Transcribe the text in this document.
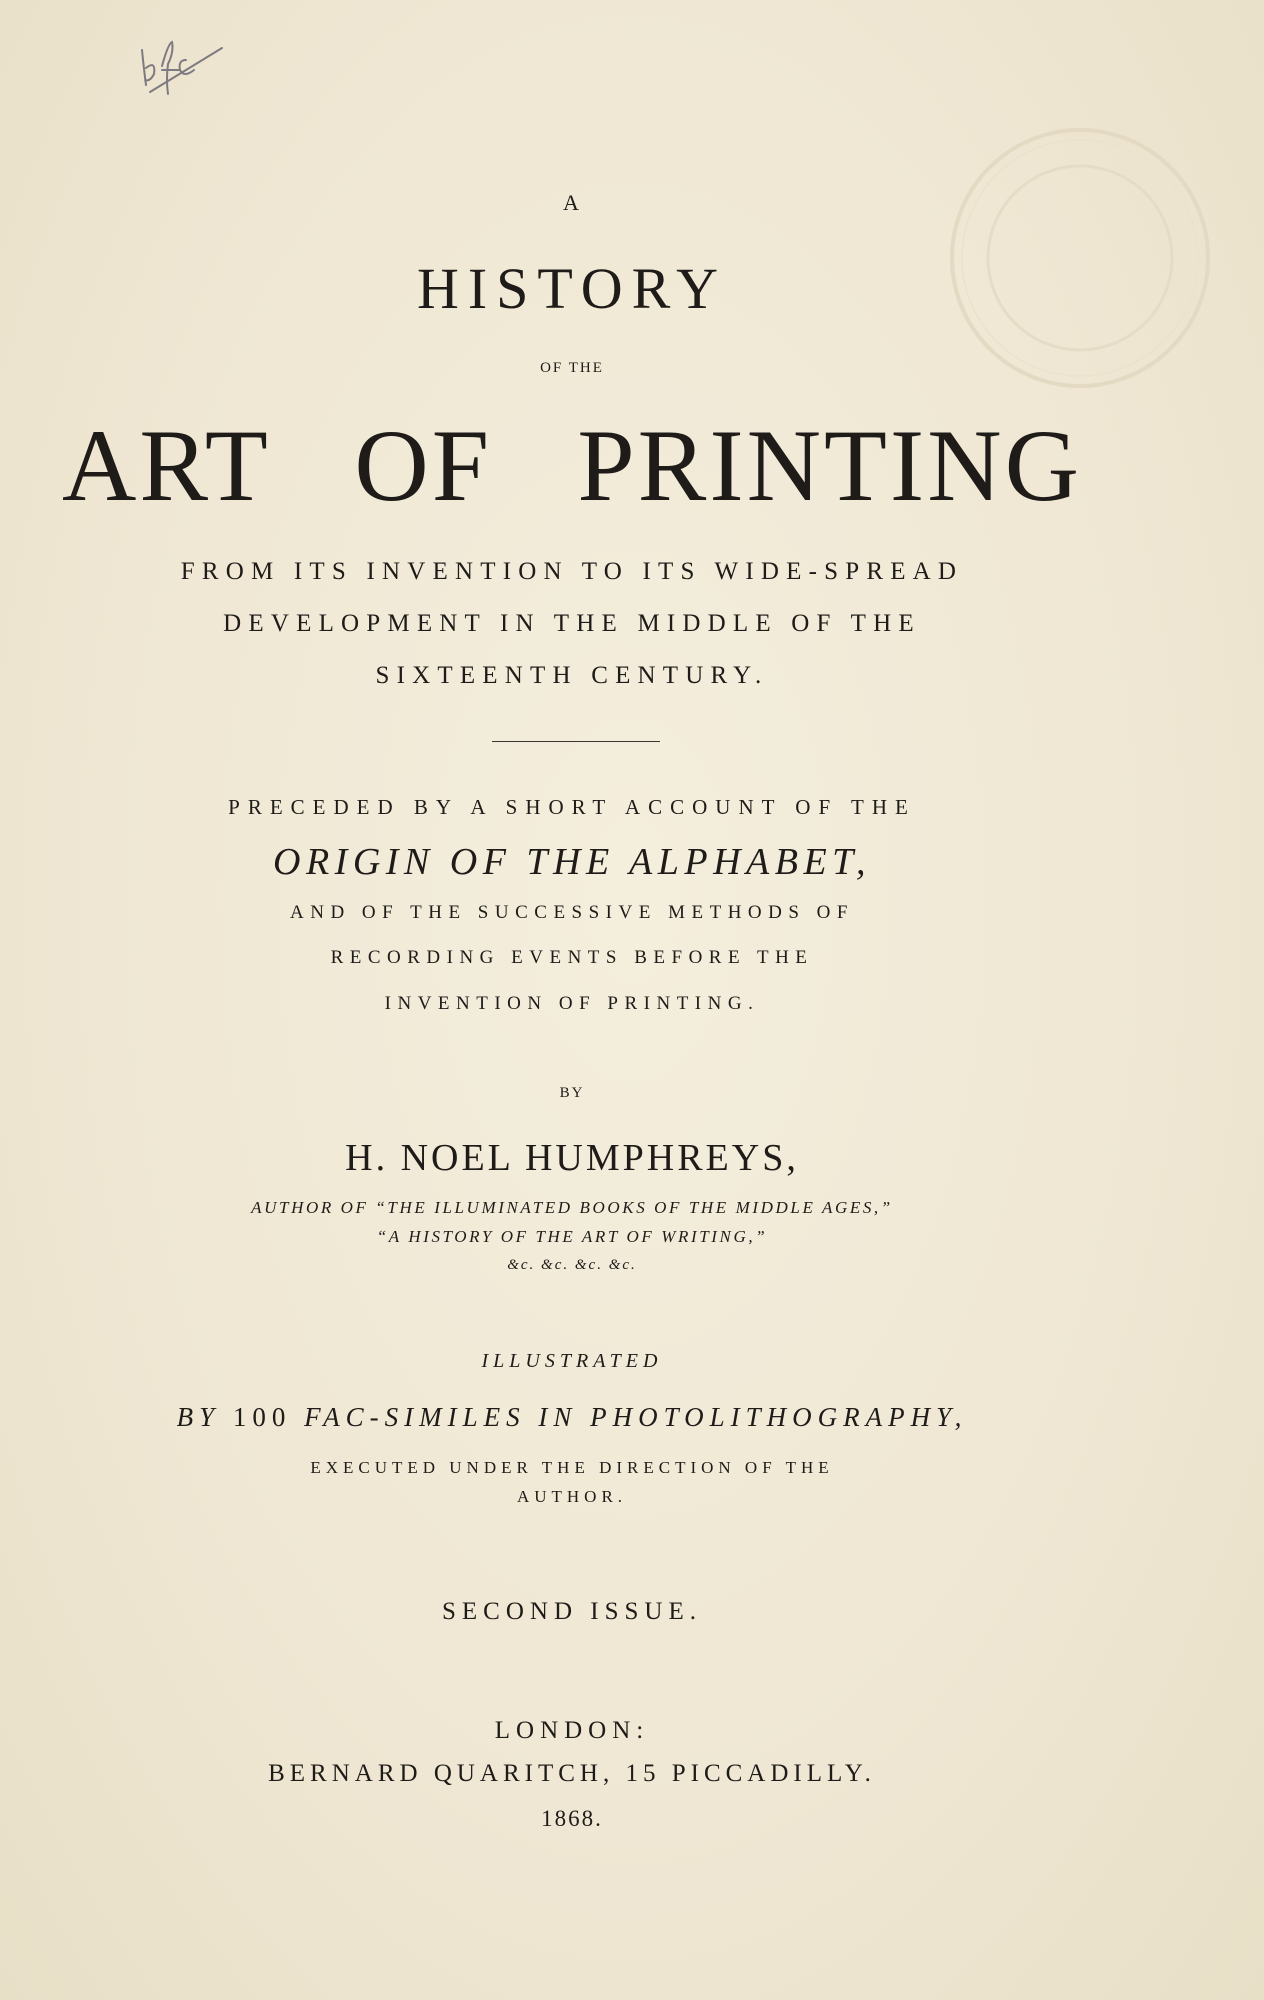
A
HISTORY
OF THE
ART OF PRINTING
FROM ITS INVENTION TO ITS WIDE-SPREAD
DEVELOPMENT IN THE MIDDLE OF THE
SIXTEENTH CENTURY.
PRECEDED BY A SHORT ACCOUNT OF THE
ORIGIN OF THE ALPHABET,
AND OF THE SUCCESSIVE METHODS OF
RECORDING EVENTS BEFORE THE
INVENTION OF PRINTING.
BY
H. NOEL HUMPHREYS,
AUTHOR OF “THE ILLUMINATED BOOKS OF THE MIDDLE AGES,”
“A HISTORY OF THE ART OF WRITING,”
&c. &c. &c. &c.
ILLUSTRATED
BY 100 FAC-SIMILES IN PHOTOLITHOGRAPHY,
EXECUTED UNDER THE DIRECTION OF THE
AUTHOR.
SECOND ISSUE.
LONDON:
BERNARD QUARITCH, 15 PICCADILLY.
1868.
